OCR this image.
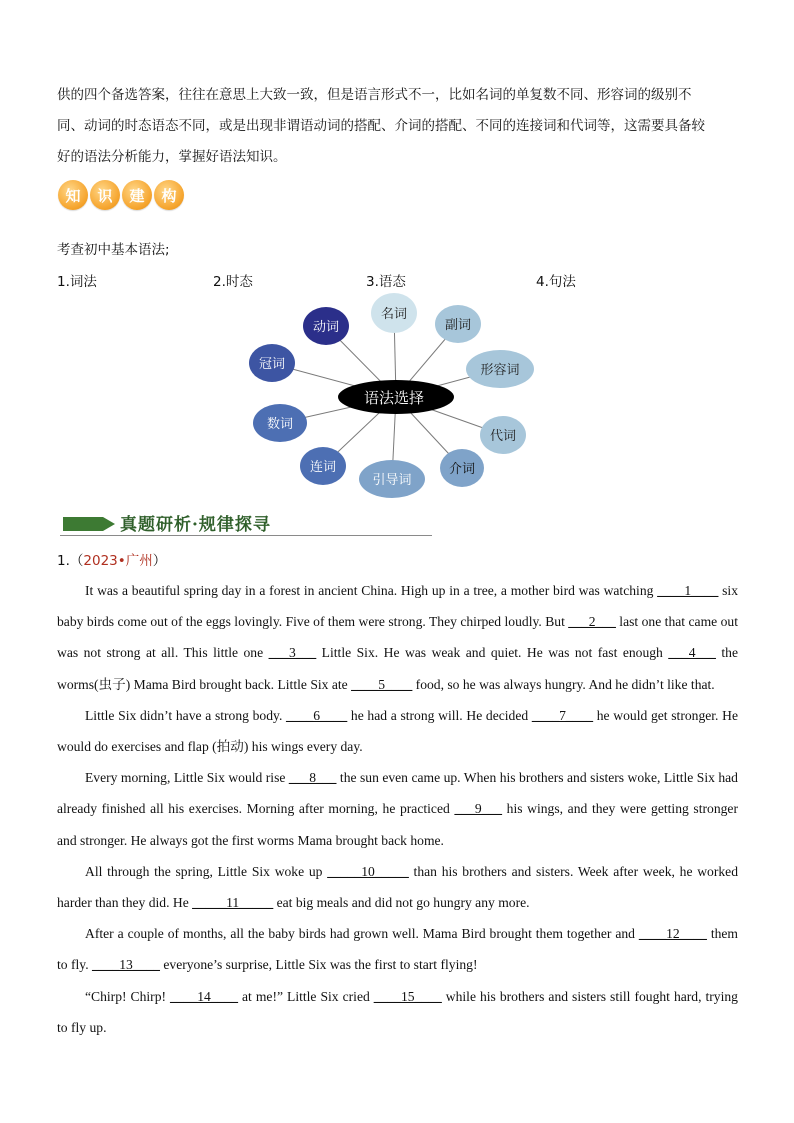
供的四个备选答案，往往在意思上大致一致，但是语言形式不一，比如名词的单复数不同、形容词的级别不

同、动词的时态语态不同，或是出现非谓语动词的搭配、介词的搭配、不同的连接词和代词等，这需要具备较

好的语法分析能力，掌握好语法知识。

知	识	建	构
考查初中基本语法;
1.词法	2.时态	3.语态	4.句法
名词
副词
形容词
代词
介词
引导词
连词
数词
冠词
动词
语法选择
真题研析·规律探寻
1.（2023•广州）

It was a beautiful spring day in a forest in ancient China. High up in a tree, a mother bird was watching ____1____ six baby birds come out of the eggs lovingly. Five of them were strong. They chirped loudly. But ___2___ last one that came out was not strong at all. This little one ___3___ Little Six. He was weak and quiet. He was not fast enough ___4___ the worms(虫子) Mama Bird brought back. Little Six ate ____5____ food, so he was always hungry. And he didn’t like that.

Little Six didn’t have a strong body. ____6____ he had a strong will. He decided ____7____ he would get stronger. He would do exercises and flap (拍动) his wings every day.

Every morning, Little Six would rise ___8___ the sun even came up. When his brothers and sisters woke, Little Six had already finished all his exercises. Morning after morning, he practiced ___9___ his wings, and they were getting stronger and stronger. He always got the first worms Mama brought back home.

All through the spring, Little Six woke up _____10_____ than his brothers and sisters. Week after week, he worked harder than they did. He _____11_____ eat big meals and did not go hungry any more.

After a couple of months, all the baby birds had grown well. Mama Bird brought them together and ____12____ them to fly. ____13____ everyone’s surprise, Little Six was the first to start flying!

“Chirp! Chirp! ____14____ at me!” Little Six cried ____15____ while his brothers and sisters still fought hard, trying to fly up.
